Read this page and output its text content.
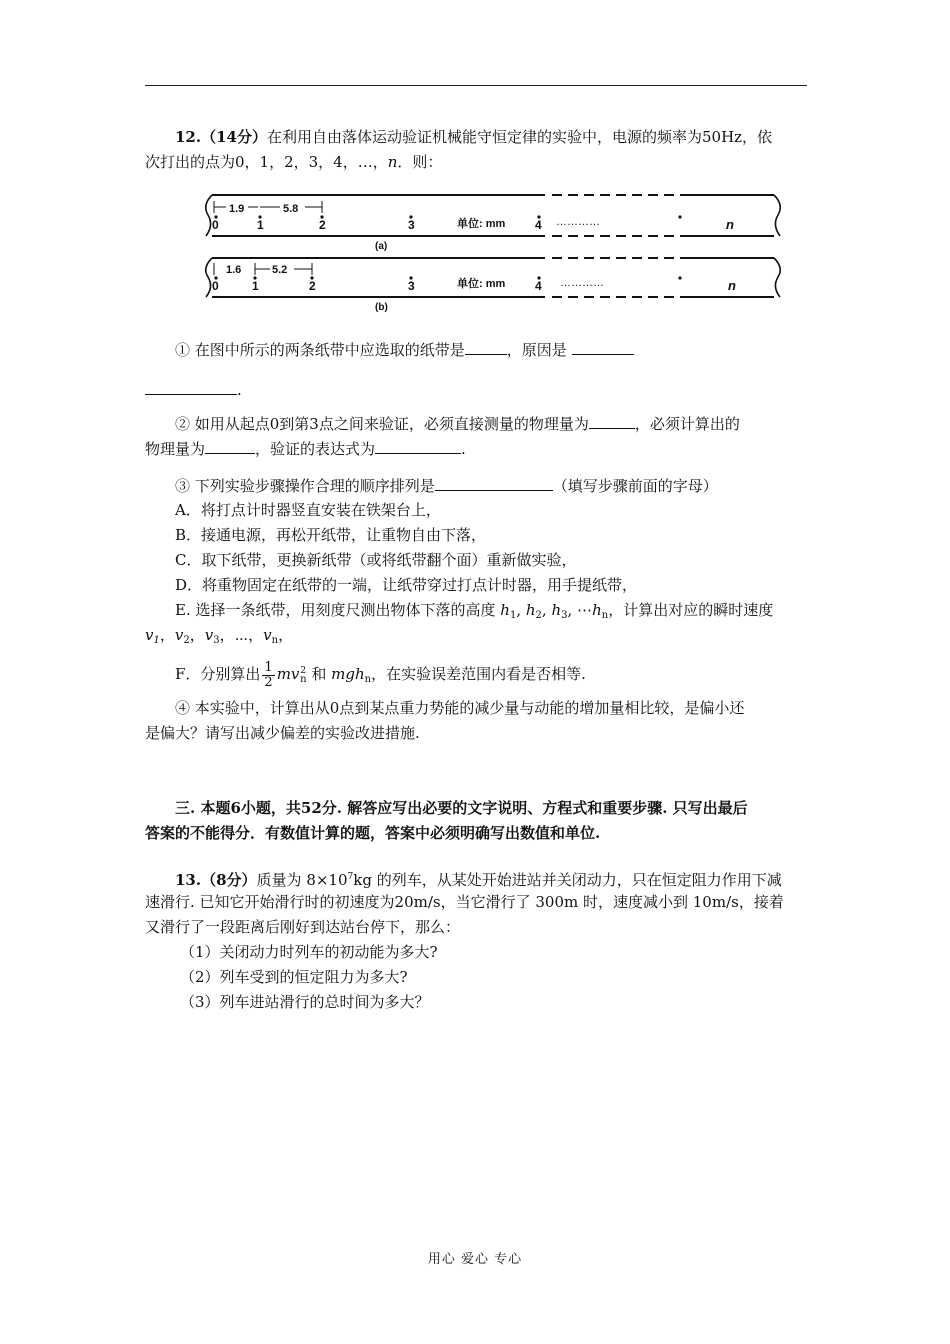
12.（14分）在利用自由落体运动验证机械能守恒定律的实验中，电源的频率为50Hz，依

次打出的点为0，1，2，3，4，…，n．则：

1.9	5.8
0	1	2	3	4
单位: mm	…………	n
(a)
1.6	5.2
0	1	2	3	4
单位: mm	…………	n
(b)

① 在图中所示的两条纸带中应选取的纸带是	，原因是

.

② 如用从起点0到第3点之间来验证，必须直接测量的物理量为	，必须计算出的

物理量为	，验证的表达式为	.

③ 下列实验步骤操作合理的顺序排列是	（填写步骤前面的字母）

A．将打点计时器竖直安装在铁架台上，

B．接通电源，再松开纸带，让重物自由下落，

C．取下纸带，更换新纸带（或将纸带翻个面）重新做实验，

D．将重物固定在纸带的一端，让纸带穿过打点计时器，用手提纸带，

E. 选择一条纸带，用刻度尺测出物体下落的高度 $h_1$, $h_2$, $h_3$, $\cdots h_n$，计算出对应的瞬时速度

$v_1$，$v_2$，$v_3$，⋯，$v_n$，

F．分别算出 $\frac{1}{2} mv^2_n$ 和 mgh$_n$，在实验误差范围内看是否相等.

④ 本实验中，计算出从0点到某点重力势能的减少量与动能的增加量相比较，是偏小还

是偏大？请写出减少偏差的实验改进措施.

三. 本题6小题，共52分. 解答应写出必要的文字说明、方程式和重要步骤. 只写出最后

答案的不能得分．有数值计算的题，答案中必须明确写出数值和单位.

13.（8分）质量为 $8\times 10^7kg$ 的列车，从某处开始进站并关闭动力，只在恒定阻力作用下减

速滑行. 已知它开始滑行时的初速度为20m/s，当它滑行了 300m 时，速度减小到 10m/s，接着

又滑行了一段距离后刚好到达站台停下，那么：

（1）关闭动力时列车的初动能为多大?

（2）列车受到的恒定阻力为多大?

（3）列车进站滑行的总时间为多大？

用心 爱心 专心
